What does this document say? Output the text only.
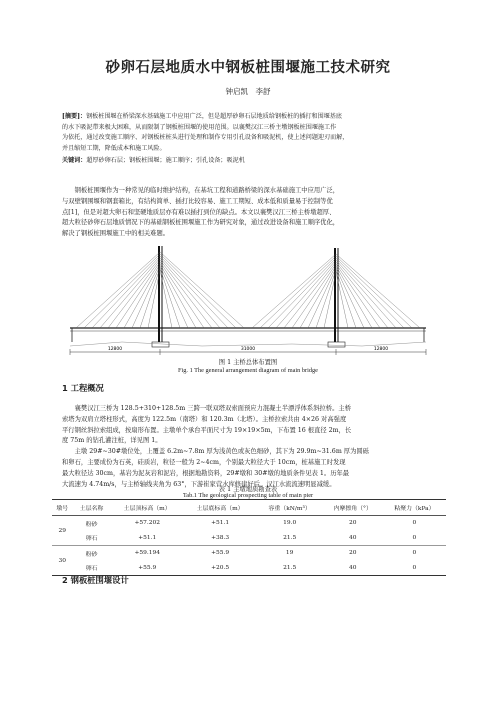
砂卵石层地质水中钢板桩围堰施工技术研究
钟启凯　李舒
[摘要]：钢板桩围堰在桥梁深水基础施工中应用广泛，但是超厚砂卵石层地质给钢板桩的插打和围堰基底
的水下吸泥带来极大困难，从而限制了钢板桩围堰的使用范围。以襄樊汉江三桥主墩钢板桩围堰施工作
为依托，通过改变施工顺序、对钢板桩桩头进行处理和制作专用引孔设备和吸泥机，使上述问题迎刃而解，
并且缩短工期，降低成本和施工风险。
关键词：超厚砂卵石层；钢板桩围堰；施工顺序；引孔设备；吸泥机
钢板桩围堰作为一种常见的临时维护结构，在基坑工程和道路桥梁的深水基础施工中应用广泛，
与双壁钢围堰和钢套箱比，有结构简单、插打比较容易、施工工期短、成本低和质量易于控制等优
点[1]，但是对超大卵石和坚硬地质层亦有难以插打到位的缺点。本文以襄樊汉江三桥主桥墩超厚、
超大粒径砂卵石层地质情况下的基础钢板桩围堰施工作为研究对象，通过改进设备和施工顺序优化，
解决了钢板桩围堰施工中的相关难题。
12800	31000	12800
图 1 主桥总体布置图
Fig. 1 The general arrangement diagram of main bridge
1 工程概况
襄樊汉江三桥为 128.5+310+128.5m 三跨一联双塔双索面预应力混凝土半漂浮体系斜拉桥。主桥
索塔为双肩立塔柱形式，高度为 122.5m（南塔）和 120.3m（北塔）。主桥拉索共由 4×26 对高强度
平行钢丝斜拉索组成，按扇形布置。主墩单个承台平面尺寸为 19×19×5m，下布置 16 根直径 2m，长
度 75m 的钻孔灌注桩，详见图 1。
主墩 29#~30#墩位处，上覆盖 6.2m~7.8m 厚为浅黄色或灰色细砂，其下为 29.9m~31.6m 厚为圆砾
和卵石，主要成份为石英，硅质岩，粒径一般为 2~4cm，个别最大粒径大于 10cm，桩基施工时发现
最大粒径达 30cm，基岩为泥灰岩和泥岩，根据地勘资料，29#墩和 30#墩的地质条件见表 1。历年最
大流速为 4.74m/s，与主桥轴线夹角为 63°，下游崔家营水库修建好后，汉江水流流速明显减缓。
表 1 主墩地质勘查表
Tab.1 The geological prospecting table of main pier
墩号	土层名称	土层顶标高（m）	土层底标高（m）	容重（kN/m³）	内摩擦角（°）	粘聚力（kPa）
29	粉砂	+57.202	+51.1	19.0	20	0
	卵石	+51.1	+38.3	21.5	40	0
30	粉砂	+59.194	+55.9	19	20	0
	卵石	+55.9	+20.5	21.5	40	0
2 钢板桩围堰设计
